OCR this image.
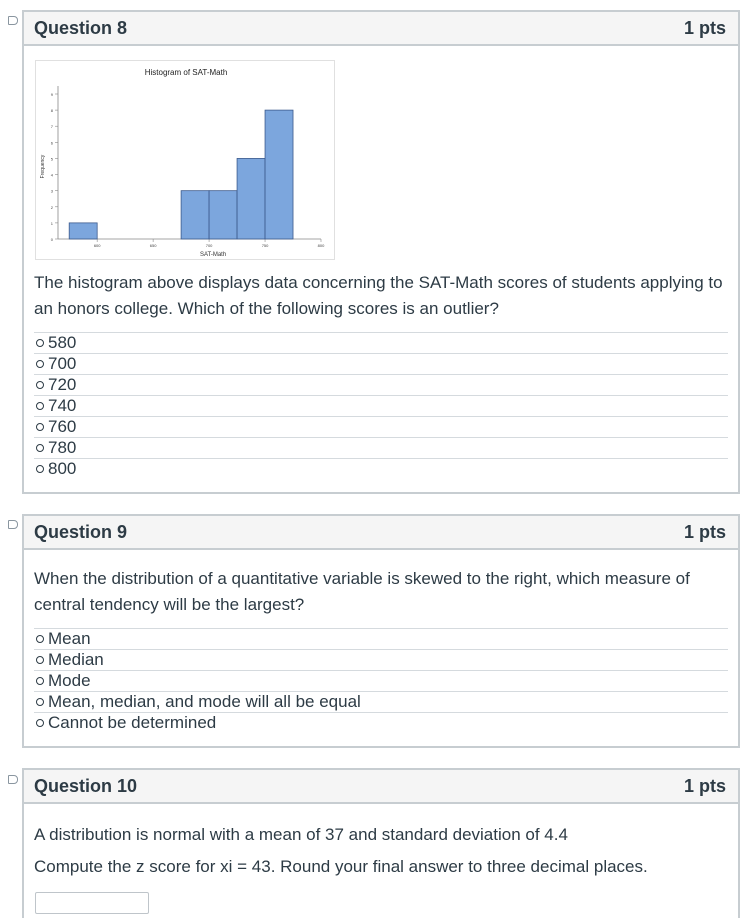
Question 8	1 pts
Histogram of SAT-Math
0
1
2
3
4
5
6
7
8
9
600	650	700	750	800
Frequency
SAT-Math
The histogram above displays data concerning the SAT-Math scores of students applying to an honors college. Which of the following scores is an outlier?
580
700
720
740
760
780
800
Question 9	1 pts
When the distribution of a quantitative variable is skewed to the right, which measure of central tendency will be the largest?
Mean
Median
Mode
Mean, median, and mode will all be equal
Cannot be determined
Question 10	1 pts
A distribution is normal with a mean of 37 and standard deviation of 4.4
Compute the z score for xi = 43. Round your final answer to three decimal places.
